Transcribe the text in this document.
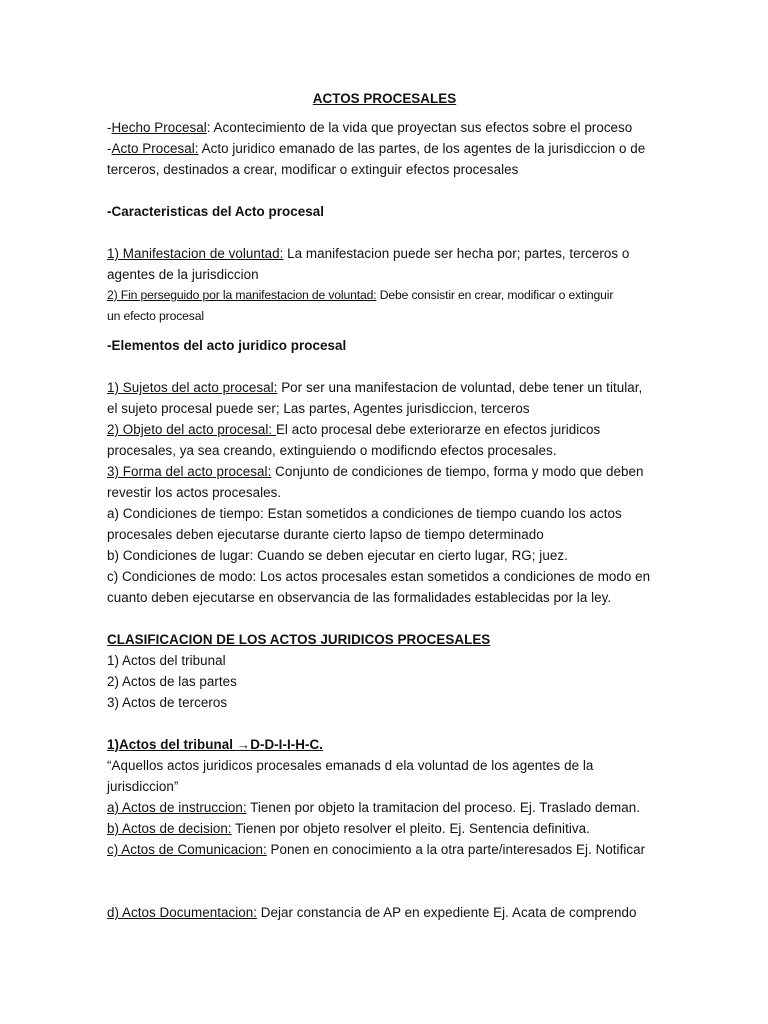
ACTOS PROCESALES
-Hecho Procesal: Acontecimiento de la vida que proyectan sus efectos sobre el proceso
-Acto Procesal: Acto juridico emanado de las partes, de los agentes de la jurisdiccion o de
terceros, destinados a crear, modificar o extinguir efectos procesales
-Caracteristicas del Acto procesal
1) Manifestacion de voluntad: La manifestacion puede ser hecha por; partes, terceros o
agentes de la jurisdiccion
2) Fin perseguido por la manifestacion de voluntad: Debe consistir en crear, modificar o extinguir
un efecto procesal
-Elementos del acto juridico procesal
1) Sujetos del acto procesal: Por ser una manifestacion de voluntad, debe tener un titular,
el sujeto procesal puede ser; Las partes, Agentes jurisdiccion, terceros
2) Objeto del acto procesal: El acto procesal debe exteriorarze en efectos juridicos
procesales, ya sea creando, extinguiendo o modificndo efectos procesales.
3) Forma del acto procesal: Conjunto de condiciones de tiempo, forma y modo que deben
revestir los actos procesales.
a) Condiciones de tiempo: Estan sometidos a condiciones de tiempo cuando los actos
procesales deben ejecutarse durante cierto lapso de tiempo determinado
b) Condiciones de lugar: Cuando se deben ejecutar en cierto lugar, RG; juez.
c) Condiciones de modo: Los actos procesales estan sometidos a condiciones de modo en
cuanto deben ejecutarse en observancia de las formalidades establecidas por la ley.
CLASIFICACION DE LOS ACTOS JURIDICOS PROCESALES
1) Actos del tribunal
2) Actos de las partes
3) Actos de terceros
1)Actos del tribunal →D-D-I-I-H-C.
“Aquellos actos juridicos procesales emanads d ela voluntad de los agentes de la
jurisdiccion”
a) Actos de instruccion: Tienen por objeto la tramitacion del proceso. Ej. Traslado deman.
b) Actos de decision: Tienen por objeto resolver el pleito. Ej. Sentencia definitiva.
c) Actos de Comunicacion: Ponen en conocimiento a la otra parte/interesados Ej. Notificar
d) Actos Documentacion: Dejar constancia de AP en expediente Ej. Acata de comprendo
